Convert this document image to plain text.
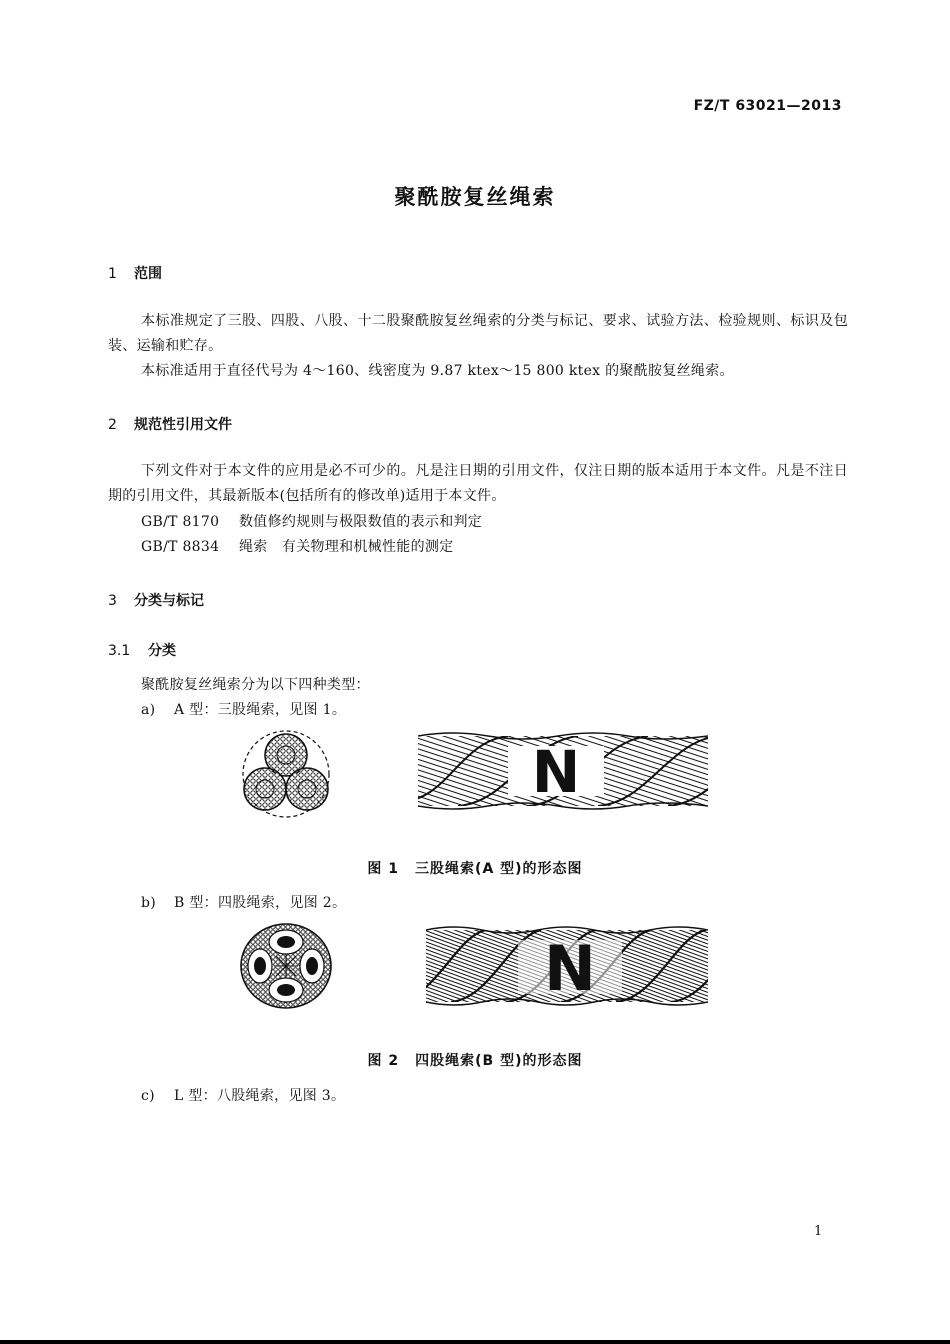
FZ/T 63021—2013
聚酰胺复丝绳索
1 范围
本标准规定了三股、四股、八股、十二股聚酰胺复丝绳索的分类与标记、要求、试验方法、检验规则、标识及包装、运输和贮存。
本标准适用于直径代号为 4～160、线密度为 9.87 ktex～15 800 ktex 的聚酰胺复丝绳索。
2 规范性引用文件
下列文件对于本文件的应用是必不可少的。凡是注日期的引用文件，仅注日期的版本适用于本文件。凡是不注日期的引用文件，其最新版本(包括所有的修改单)适用于本文件。
GB/T 8170 数值修约规则与极限数值的表示和判定
GB/T 8834 绳索　有关物理和机械性能的测定
3 分类与标记
3.1 分类
聚酰胺复丝绳索分为以下四种类型：
a) A 型：三股绳索，见图 1。
N
图 1 三股绳索(A 型)的形态图
b) B 型：四股绳索，见图 2。
N
图 2 四股绳索(B 型)的形态图
c) L 型：八股绳索，见图 3。
1
